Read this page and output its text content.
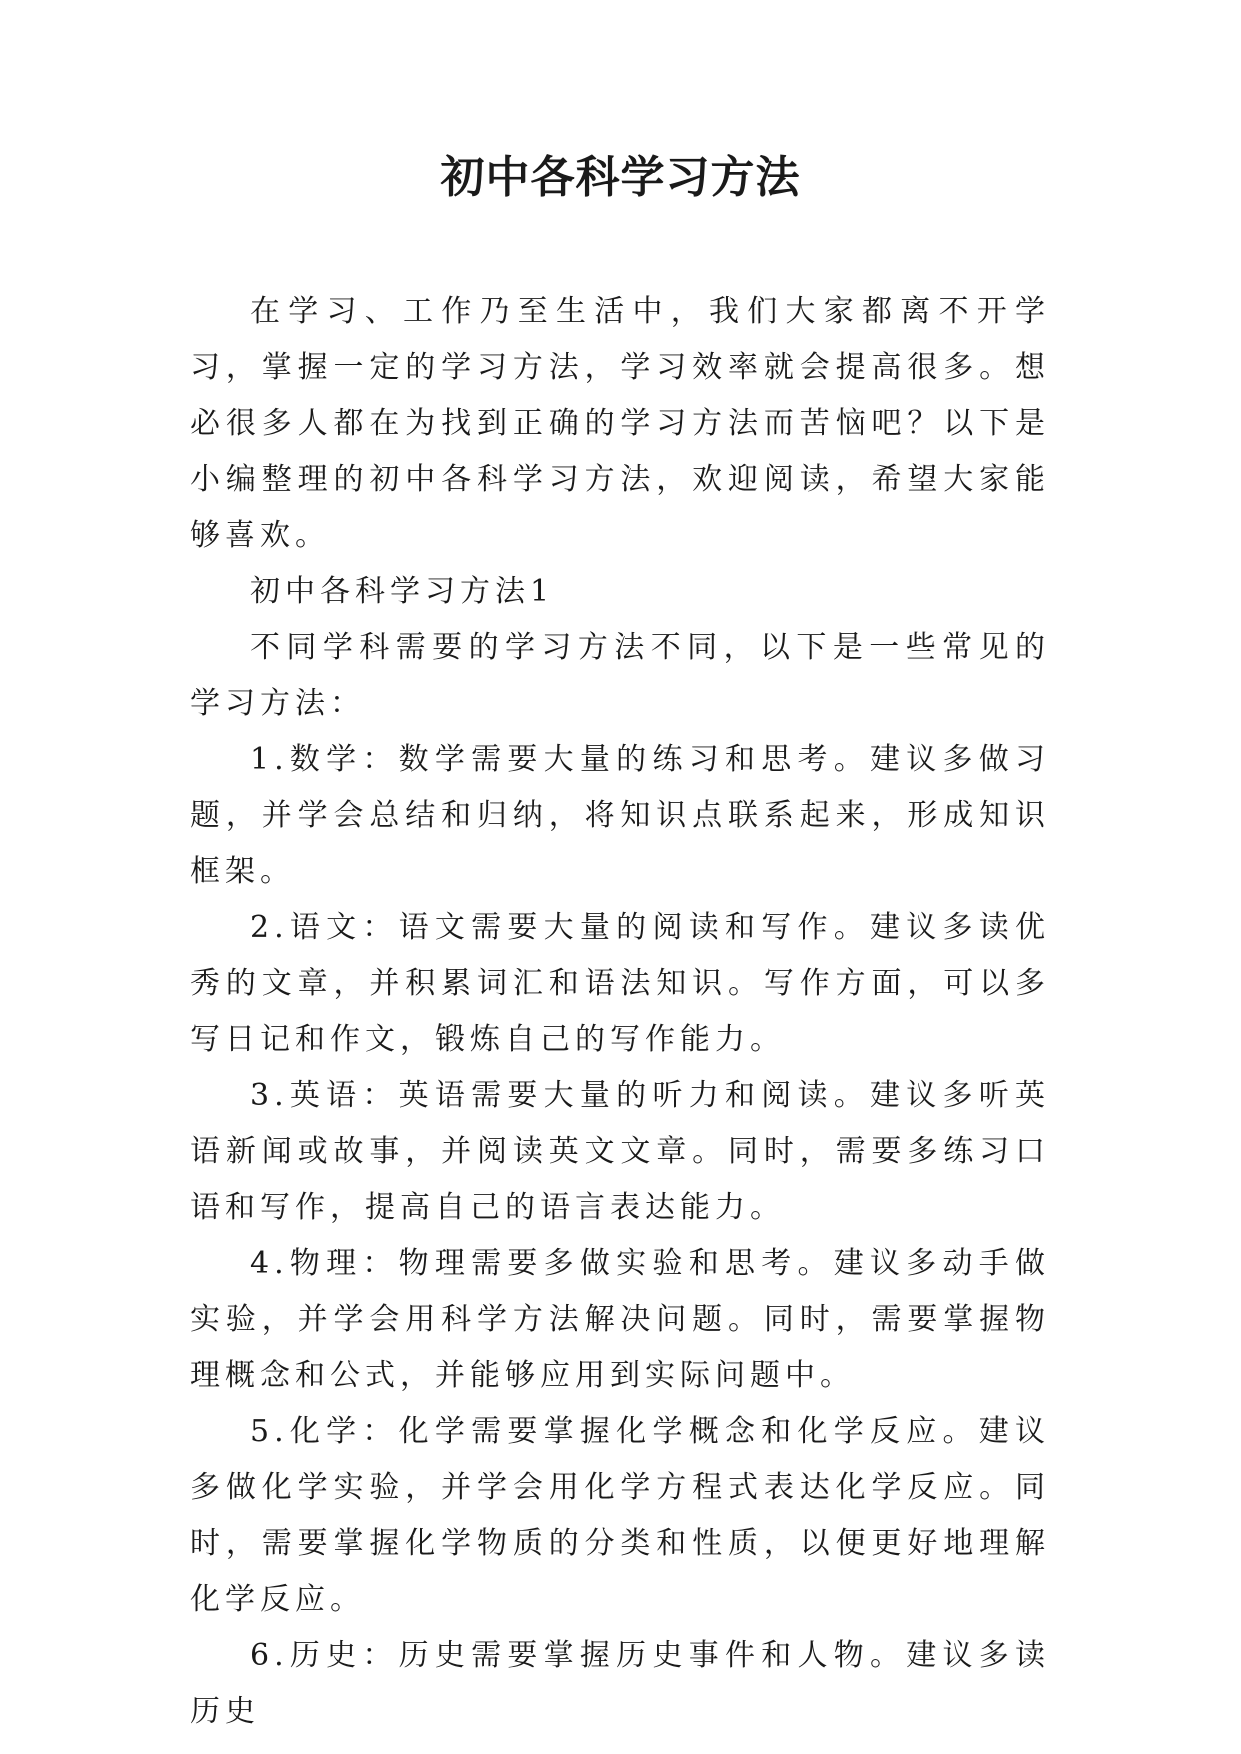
初中各科学习方法

在学习、工作乃至生活中，我们大家都离不开学习，掌握一定的学习方法，学习效率就会提高很多。想必很多人都在为找到正确的学习方法而苦恼吧？以下是小编整理的初中各科学习方法，欢迎阅读，希望大家能够喜欢。

初中各科学习方法1

不同学科需要的学习方法不同，以下是一些常见的学习方法：

1.数学：数学需要大量的练习和思考。建议多做习题，并学会总结和归纳，将知识点联系起来，形成知识框架。

2.语文：语文需要大量的阅读和写作。建议多读优秀的文章，并积累词汇和语法知识。写作方面，可以多写日记和作文，锻炼自己的写作能力。

3.英语：英语需要大量的听力和阅读。建议多听英语新闻或故事，并阅读英文文章。同时，需要多练习口语和写作，提高自己的语言表达能力。

4.物理：物理需要多做实验和思考。建议多动手做实验，并学会用科学方法解决问题。同时，需要掌握物理概念和公式，并能够应用到实际问题中。

5.化学：化学需要掌握化学概念和化学反应。建议多做化学实验，并学会用化学方程式表达化学反应。同时，需要掌握化学物质的分类和性质，以便更好地理解化学反应。

6.历史：历史需要掌握历史事件和人物。建议多读历史
